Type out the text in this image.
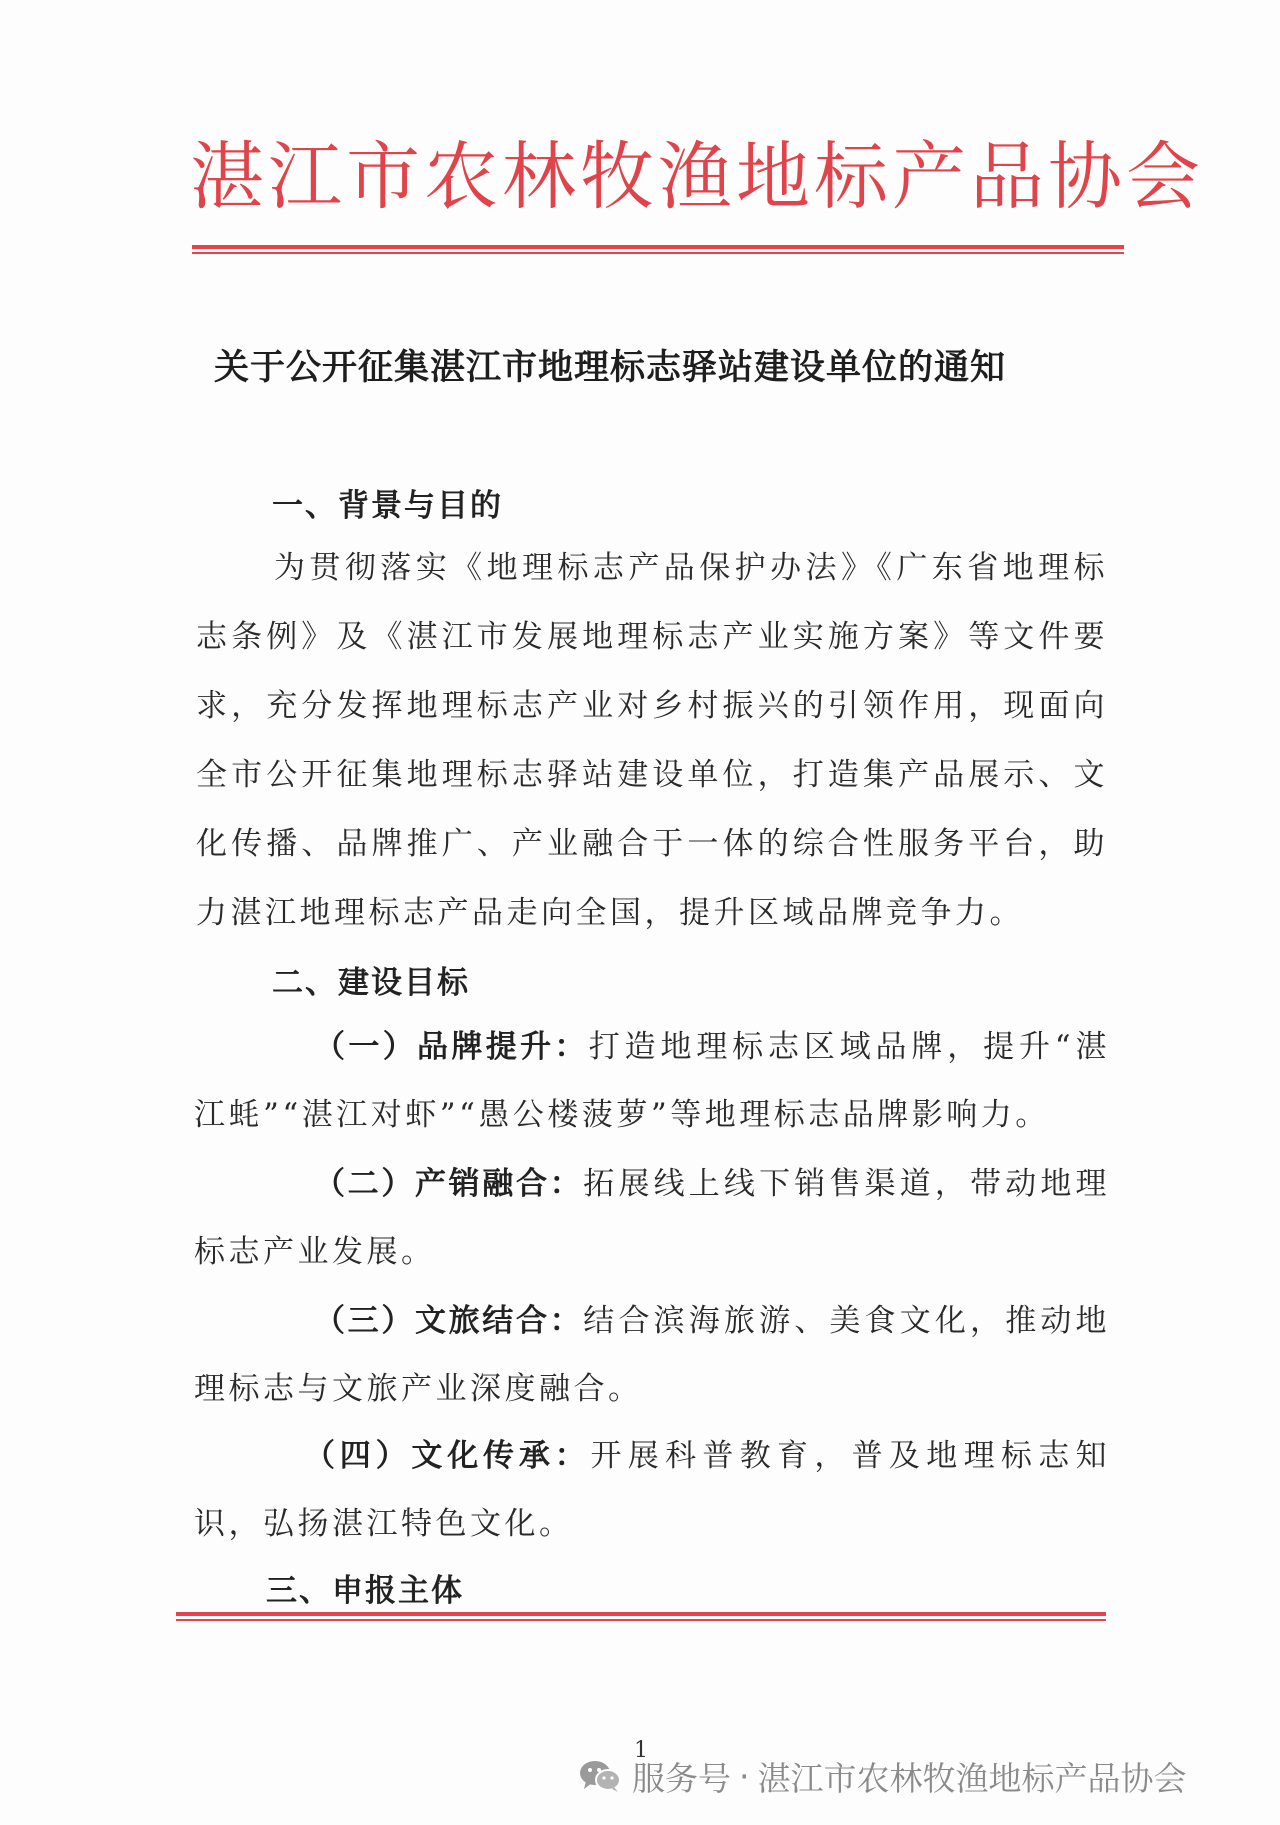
湛江市农林牧渔地标产品协会
关于公开征集湛江市地理标志驿站建设单位的通知
一、背景与目的

为贯彻落实《地理标志产品保护办法》《广东省地理标志条例》及《湛江市发展地理标志产业实施方案》等文件要求，充分发挥地理标志产业对乡村振兴的引领作用，现面向全市公开征集地理标志驿站建设单位，打造集产品展示、文化传播、品牌推广、产业融合于一体的综合性服务平台，助力湛江地理标志产品走向全国，提升区域品牌竞争力。

二、建设目标

（一）品牌提升：打造地理标志区域品牌，提升“湛江蚝”“湛江对虾”“愚公楼菠萝”等地理标志品牌影响力。

（二）产销融合：拓展线上线下销售渠道，带动地理标志产业发展。

（三）文旅结合：结合滨海旅游、美食文化，推动地理标志与文旅产业深度融合。

（四）文化传承：开展科普教育，普及地理标志知识，弘扬湛江特色文化。

三、申报主体
1
服务号 · 湛江市农林牧渔地标产品协会
